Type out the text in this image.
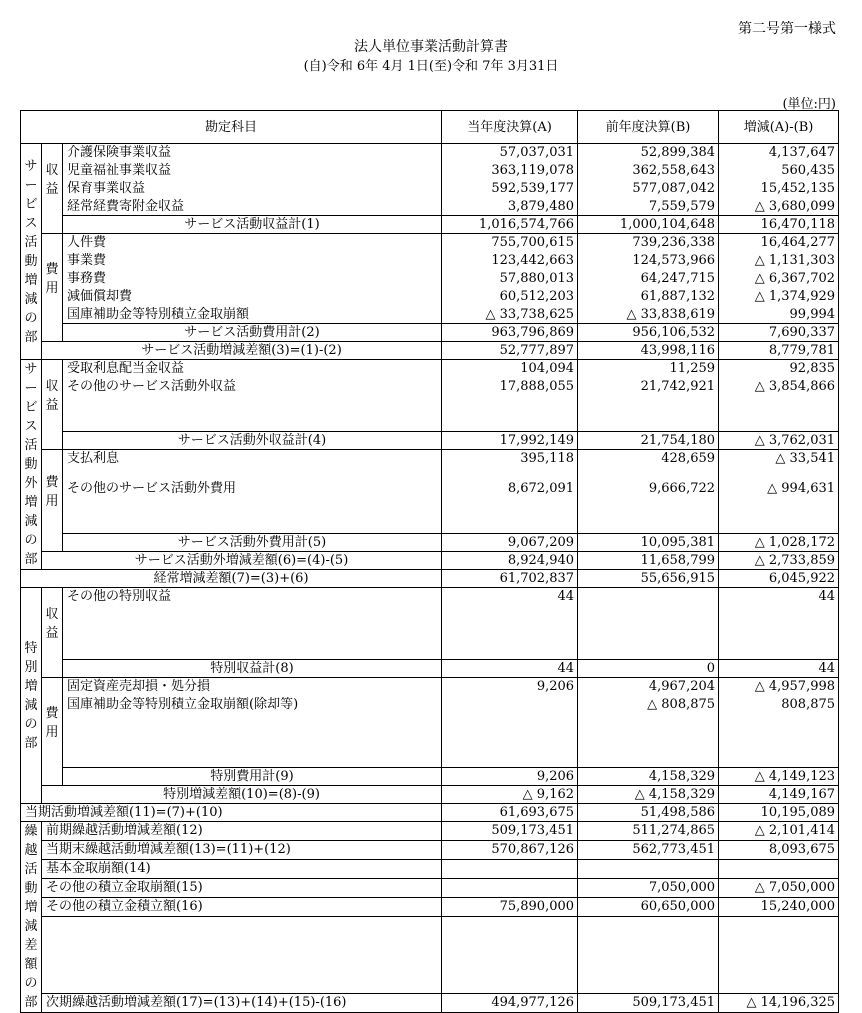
第二号第一様式
法人単位事業活動計算書
(自)令和 6年 4月 1日(至)令和 7年 3月31日
(単位:円)
勘定科目			当年度決算(A)	前年度決算(B)	増減(A)-(B)
サービス活動増減の部	収益	介護保険事業収益	57,037,031	52,899,384	4,137,647
		児童福祉事業収益	363,119,078	362,558,643	560,435
		保育事業収益	592,539,177	577,087,042	15,452,135
		経常経費寄附金収益	3,879,480	7,559,579	△ 3,680,099
		サービス活動収益計(1)	1,016,574,766	1,000,104,648	16,470,118
	費用	人件費	755,700,615	739,236,338	16,464,277
		事業費	123,442,663	124,573,966	△ 1,131,303
		事務費	57,880,013	64,247,715	△ 6,367,702
		減価償却費	60,512,203	61,887,132	△ 1,374,929
		国庫補助金等特別積立金取崩額	△ 33,738,625	△ 33,838,619	99,994
		サービス活動費用計(2)	963,796,869	956,106,532	7,690,337
	サービス活動増減差額(3)=(1)-(2)		52,777,897	43,998,116	8,779,781
サービス活動外増減の部	収益	受取利息配当金収益	104,094	11,259	92,835
		その他のサービス活動外収益	17,888,055	21,742,921	△ 3,854,866

		サービス活動外収益計(4)	17,992,149	21,754,180	△ 3,762,031
	費用	支払利息	395,118	428,659	△ 33,541
		その他のサービス活動外費用	8,672,091	9,666,722	△ 994,631

		サービス活動外費用計(5)	9,067,209	10,095,381	△ 1,028,172
	サービス活動外増減差額(6)=(4)-(5)		8,924,940	11,658,799	△ 2,733,859
経常増減差額(7)=(3)+(6)			61,702,837	55,656,915	6,045,922
特別増減の部	収益	その他の特別収益	44		44

		特別収益計(8)	44	0	44
	費用	固定資産売却損・処分損	9,206	4,967,204	△ 4,957,998
		国庫補助金等特別積立金取崩額(除却等)		△ 808,875	808,875

		特別費用計(9)	9,206	4,158,329	△ 4,149,123
	特別増減差額(10)=(8)-(9)		△ 9,162	△ 4,158,329	4,149,167
当期活動増減差額(11)=(7)+(10)			61,693,675	51,498,586	10,195,089
繰越活動増減差額の部	前期繰越活動増減差額(12)		509,173,451	511,274,865	△ 2,101,414
	当期末繰越活動増減差額(13)=(11)+(12)		570,867,126	562,773,451	8,093,675
	基本金取崩額(14)				
	その他の積立金取崩額(15)			7,050,000	△ 7,050,000
	その他の積立金積立額(16)		75,890,000	60,650,000	15,240,000

	次期繰越活動増減差額(17)=(13)+(14)+(15)-(16)		494,977,126	509,173,451	△ 14,196,325
